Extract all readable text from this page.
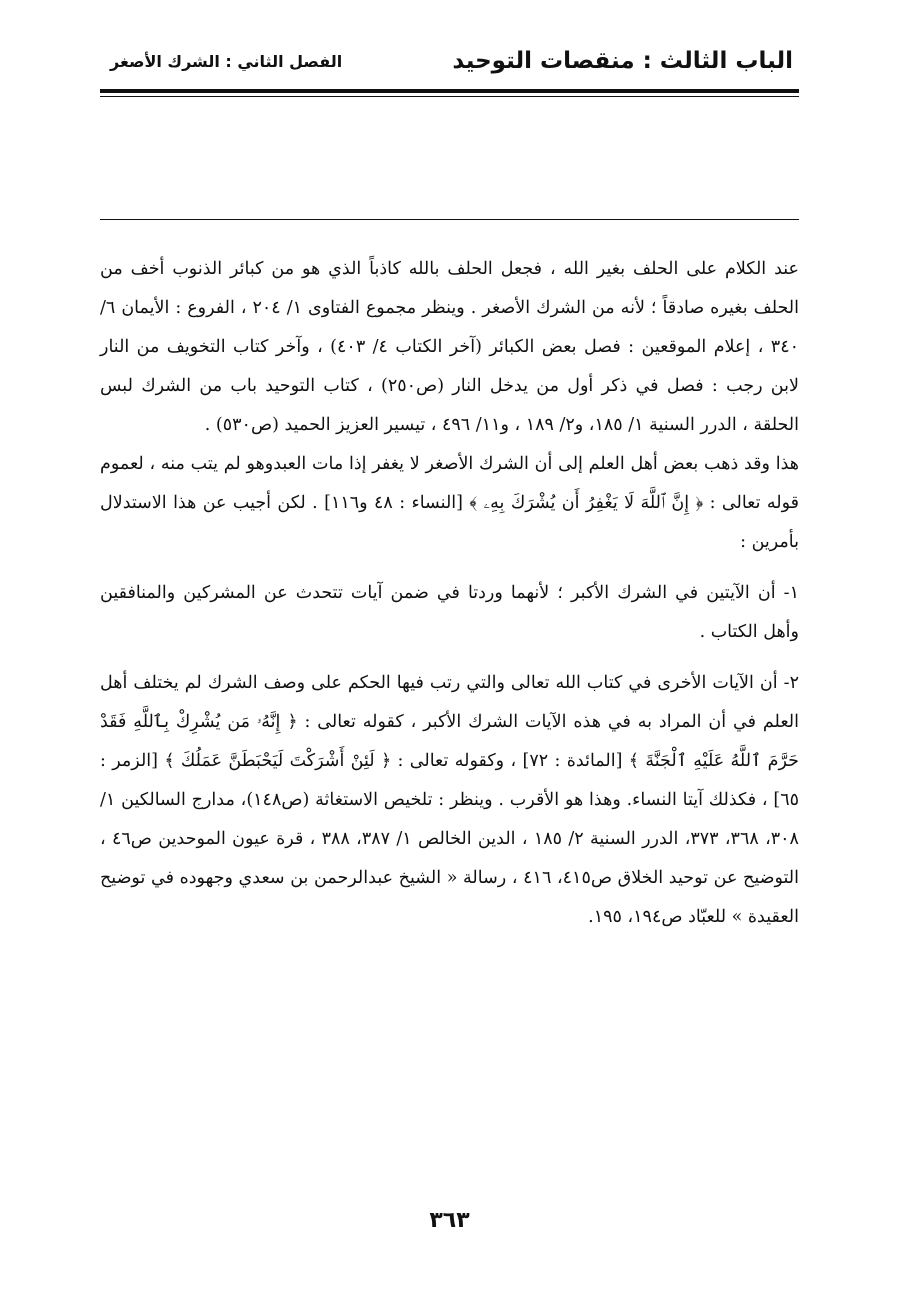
الباب الثالث : منقصات التوحيد
الفصل الثاني : الشرك الأصغر

عند الكلام على الحلف بغير الله ، فجعل الحلف بالله كاذباً الذي هو من كبائر الذنوب أخف من الحلف بغيره صادقاً ؛ لأنه من الشرك الأصغر . وينظر مجموع الفتاوى ١/ ٢٠٤ ، الفروع : الأيمان ٦/ ٣٤٠ ، إعلام الموقعين : فصل بعض الكبائر (آخر الكتاب ٤/ ٤٠٣) ، وآخر كتاب التخويف من النار لابن رجب : فصل في ذكر أول من يدخل النار (ص٢٥٠) ، كتاب التوحيد باب من الشرك لبس الحلقة ، الدرر السنية ١/ ١٨٥، و٢/ ١٨٩ ، و١١/ ٤٩٦ ، تيسير العزيز الحميد (ص٥٣٠) .

هذا وقد ذهب بعض أهل العلم إلى أن الشرك الأصغر لا يغفر إذا مات العبدوهو لم يتب منه ، لعموم قوله تعالى : ﴿ إِنَّ ٱللَّهَ لَا يَغْفِرُ أَن يُشْرَكَ بِهِۦ ﴾ [النساء : ٤٨ و١١٦] . لكن أجيب عن هذا الاستدلال بأمرين :

١- أن الآيتين في الشرك الأكبر ؛ لأنهما وردتا في ضمن آيات تتحدث عن المشركين والمنافقين وأهل الكتاب .

٢- أن الآيات الأخرى في كتاب الله تعالى والتي رتب فيها الحكم على وصف الشرك لم يختلف أهل العلم في أن المراد به في هذه الآيات الشرك الأكبر ، كقوله تعالى : ﴿ إِنَّهُۥ مَن يُشْرِكْ بِٱللَّهِ فَقَدْ حَرَّمَ ٱللَّهُ عَلَيْهِ ٱلْجَنَّةَ ﴾ [المائدة : ٧٢] ، وكقوله تعالى : ﴿ لَئِنْ أَشْرَكْتَ لَيَحْبَطَنَّ عَمَلُكَ ﴾ [الزمر : ٦٥] ، فكذلك آيتا النساء. وهذا هو الأقرب . وينظر : تلخيص الاستغاثة (ص١٤٨)، مدارج السالكين ١/ ٣٠٨، ٣٦٨، ٣٧٣، الدرر السنية ٢/ ١٨٥ ، الدين الخالص ١/ ٣٨٧، ٣٨٨ ، قرة عيون الموحدين ص٤٦ ، التوضيح عن توحيد الخلاق ص٤١٥، ٤١٦ ، رسالة « الشيخ عبدالرحمن بن سعدي وجهوده في توضيح العقيدة » للعبّاد ص١٩٤، ١٩٥.

٣٦٣
